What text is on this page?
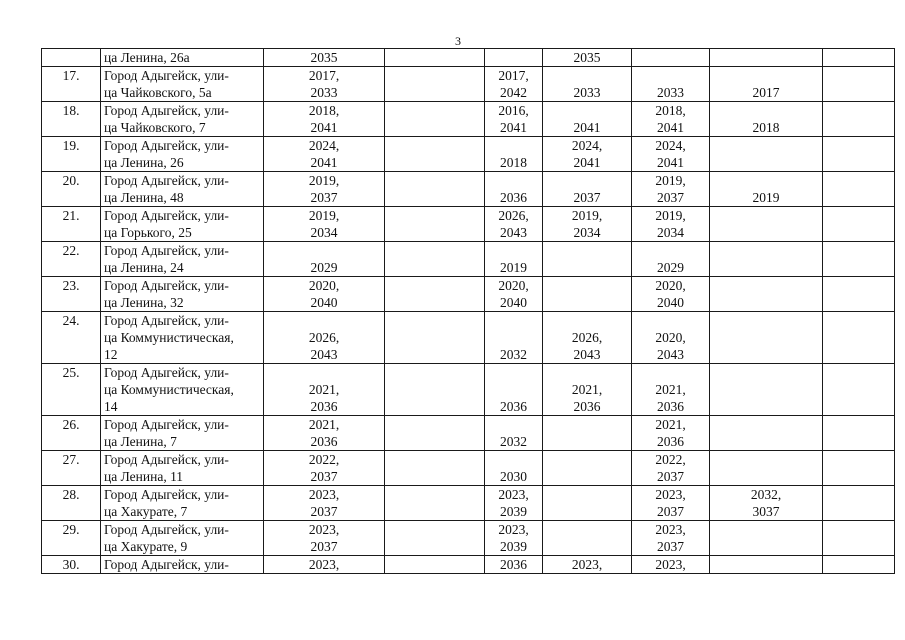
3

	ца Ленина, 26а	2035			2035			

17.	Город Адыгейск, ули-
ца Чайковского, 5а	2017,
2033		2017,
2042	2033	2033	2017	

18.	Город Адыгейск, ули-
ца Чайковского, 7	2018,
2041		2016,
2041	2041	2018,
2041	2018	

19.	Город Адыгейск, ули-
ца Ленина, 26	2024,
2041		2018	2024,
2041	2024,
2041		

20.	Город Адыгейск, ули-
ца Ленина, 48	2019,
2037		2036	2037	2019,
2037	2019	

21.	Город Адыгейск, ули-
ца Горького, 25	2019,
2034		2026,
2043	2019,
2034	2019,
2034		

22.	Город Адыгейск, ули-
ца Ленина, 24	2029		2019		2029		

23.	Город Адыгейск, ули-
ца Ленина, 32	2020,
2040		2020,
2040		2020,
2040		

24.	Город Адыгейск, ули-
ца Коммунистическая,
12	2026,
2043		2032	2026,
2043	2020,
2043		

25.	Город Адыгейск, ули-
ца Коммунистическая,
14	2021,
2036		2036	2021,
2036	2021,
2036		

26.	Город Адыгейск, ули-
ца Ленина, 7	2021,
2036		2032		2021,
2036		

27.	Город Адыгейск, ули-
ца Ленина, 11	2022,
2037		2030		2022,
2037		

28.	Город Адыгейск, ули-
ца Хакурате, 7	2023,
2037		2023,
2039		2023,
2037	2032,
3037	

29.	Город Адыгейск, ули-
ца Хакурате, 9	2023,
2037		2023,
2039		2023,
2037		

30.	Город Адыгейск, ули-	2023,		2036	2023,	2023,		
